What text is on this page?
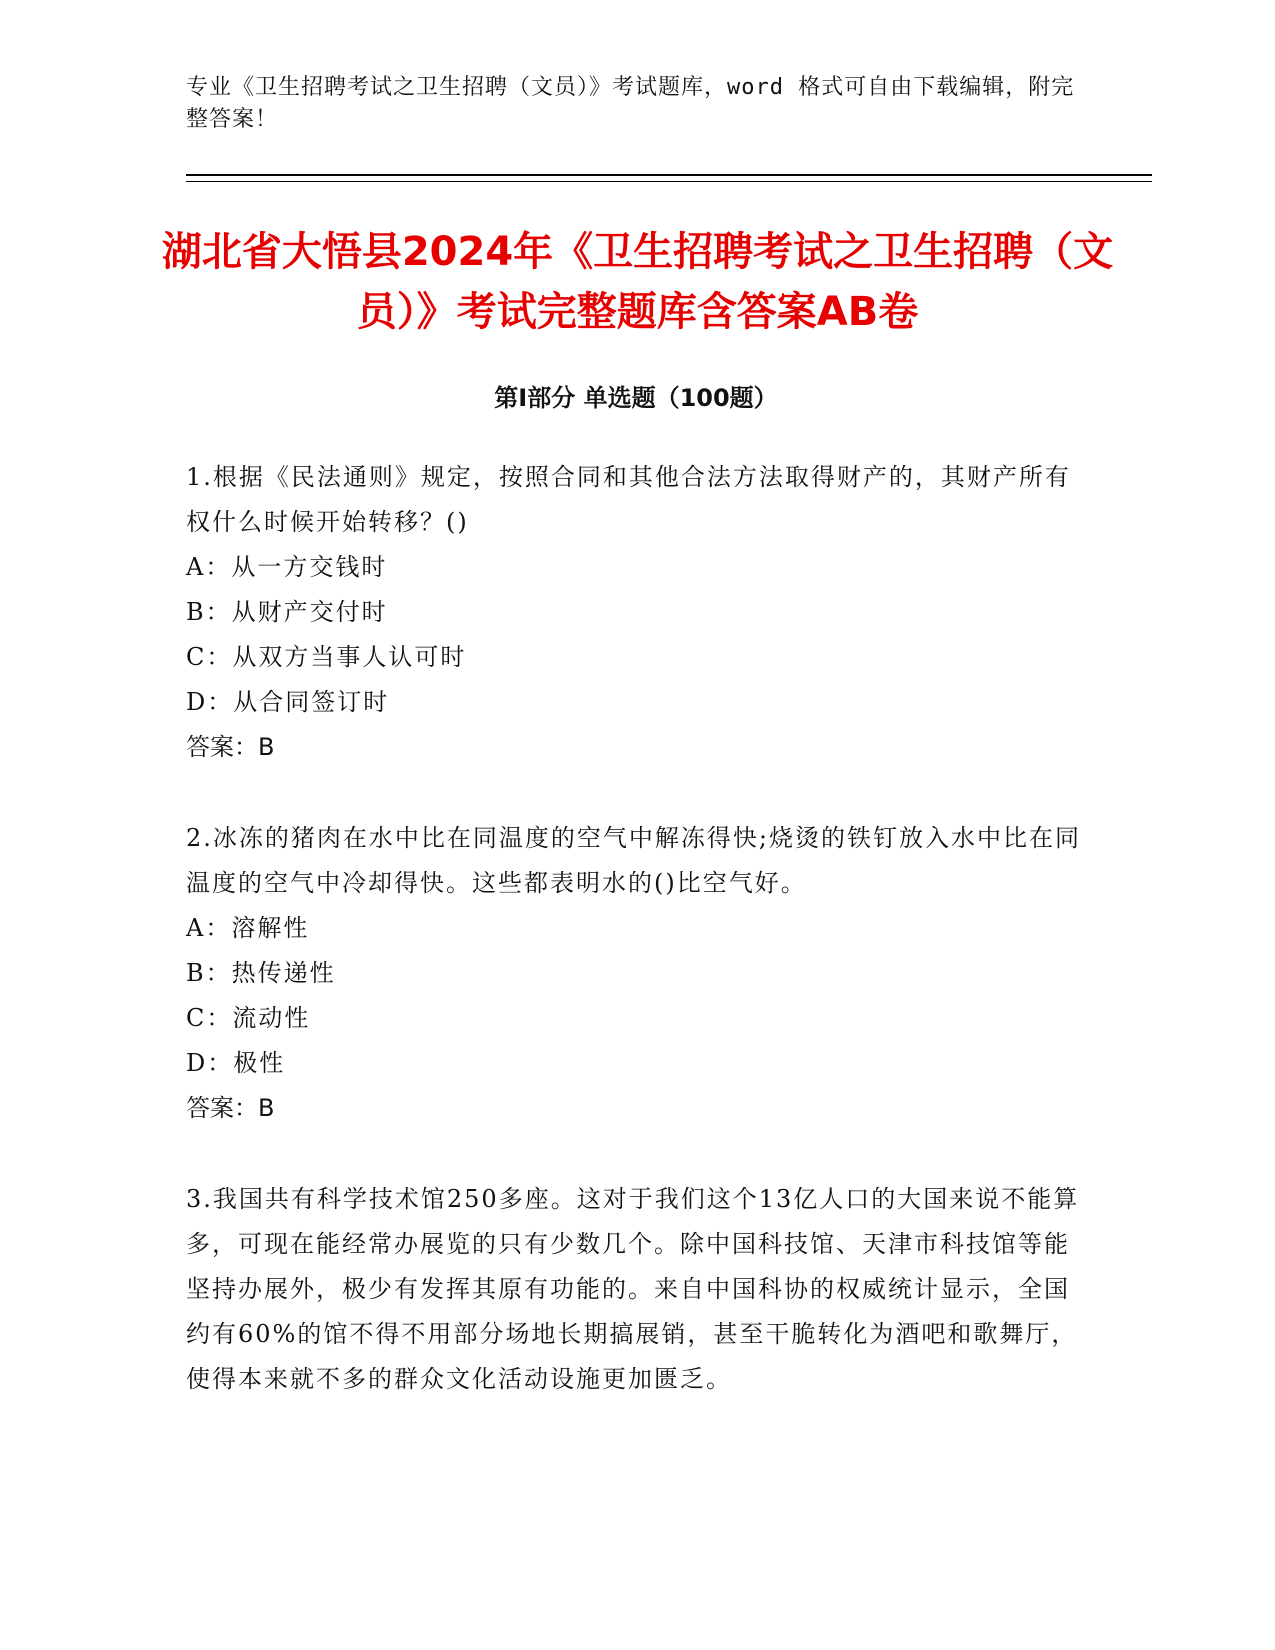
专业《卫生招聘考试之卫生招聘（文员）》考试题库，word 格式可自由下载编辑，附完整答案！
湖北省大悟县2024年《卫生招聘考试之卫生招聘（文员）》考试完整题库含答案AB卷
第I部分 单选题（100题）

1.根据《民法通则》规定，按照合同和其他合法方法取得财产的，其财产所有权什么时候开始转移？()

A：从一方交钱时

B：从财产交付时

C：从双方当事人认可时

D：从合同签订时

答案：B

2.冰冻的猪肉在水中比在同温度的空气中解冻得快;烧烫的铁钉放入水中比在同温度的空气中冷却得快。这些都表明水的()比空气好。

A：溶解性

B：热传递性

C：流动性

D：极性

答案：B

3.我国共有科学技术馆250多座。这对于我们这个13亿人口的大国来说不能算多，可现在能经常办展览的只有少数几个。除中国科技馆、天津市科技馆等能坚持办展外，极少有发挥其原有功能的。来自中国科协的权威统计显示，全国约有60%的馆不得不用部分场地长期搞展销，甚至干脆转化为酒吧和歌舞厅，使得本来就不多的群众文化活动设施更加匮乏。
